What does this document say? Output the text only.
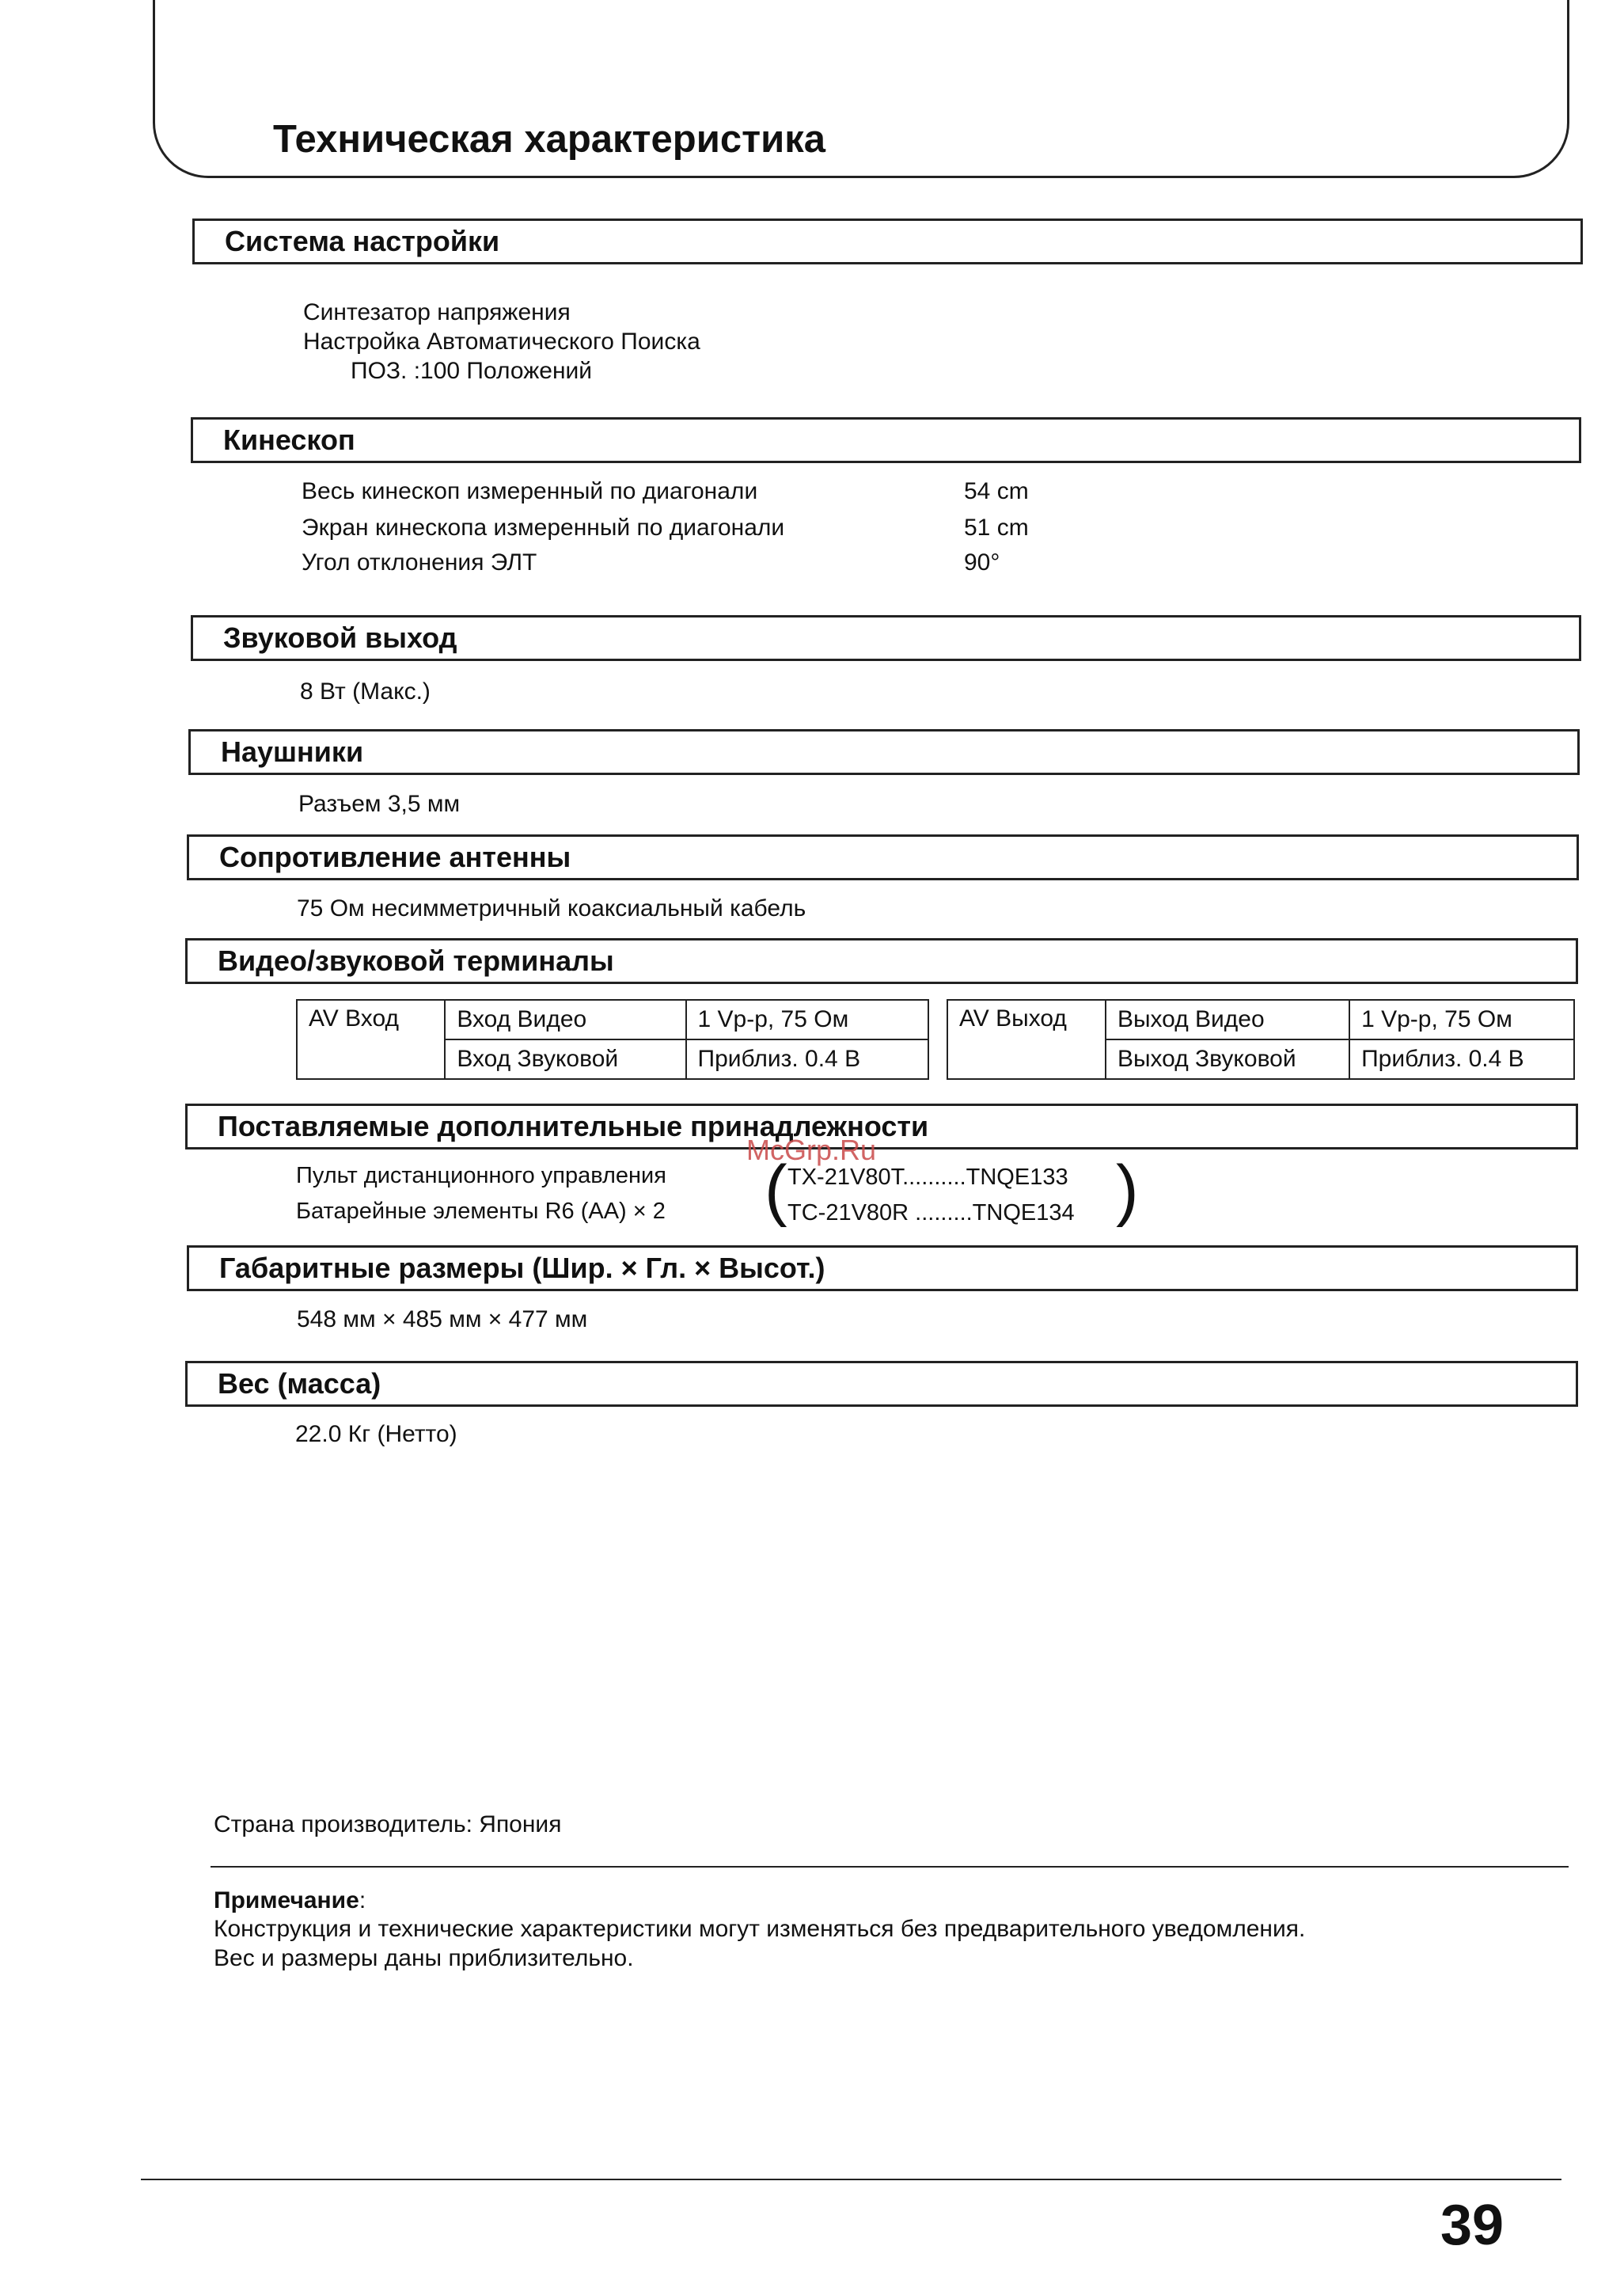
Техническая характеристика
Система настройки
Синтезатор напряжения
Настройка Автоматического Поиска
ПОЗ. :100 Положений
Кинескоп
Весь кинескоп измеренный по диагонали	54 cm
Экран кинескопа измеренный по диагонали	51 cm
Угол отклонения ЭЛТ	90°
Звуковой выход
8 Вт (Макс.)
Наушники
Разъем 3,5 мм
Сопротивление антенны
75 Ом несимметричный коаксиальный кабель
Видео/звуковой терминалы
AV Вход	Вход Видео	1 Vp-p, 75 Ом
	Вход Звуковой	Приблиз. 0.4 В
AV Выход	Выход Видео	1 Vp-p, 75 Ом
	Выход Звуковой	Приблиз. 0.4 В
Поставляемые дополнительные принадлежности
Пульт дистанционного управления
Батарейные элементы R6 (AA) × 2 ( TX-21V80T..........TNQE133
TC-21V80R .........TNQE134 )
McGrp.Ru
Габаритные размеры (Шир. × Гл. × Высот.)
548 мм × 485 мм × 477 мм
Вес (масса)
22.0 Кг (Нетто)
Страна производитель: Япония
Примечание:
Конструкция и технические характеристики могут изменяться без предварительного уведомления.
Вес и размеры даны приблизительно.
39
